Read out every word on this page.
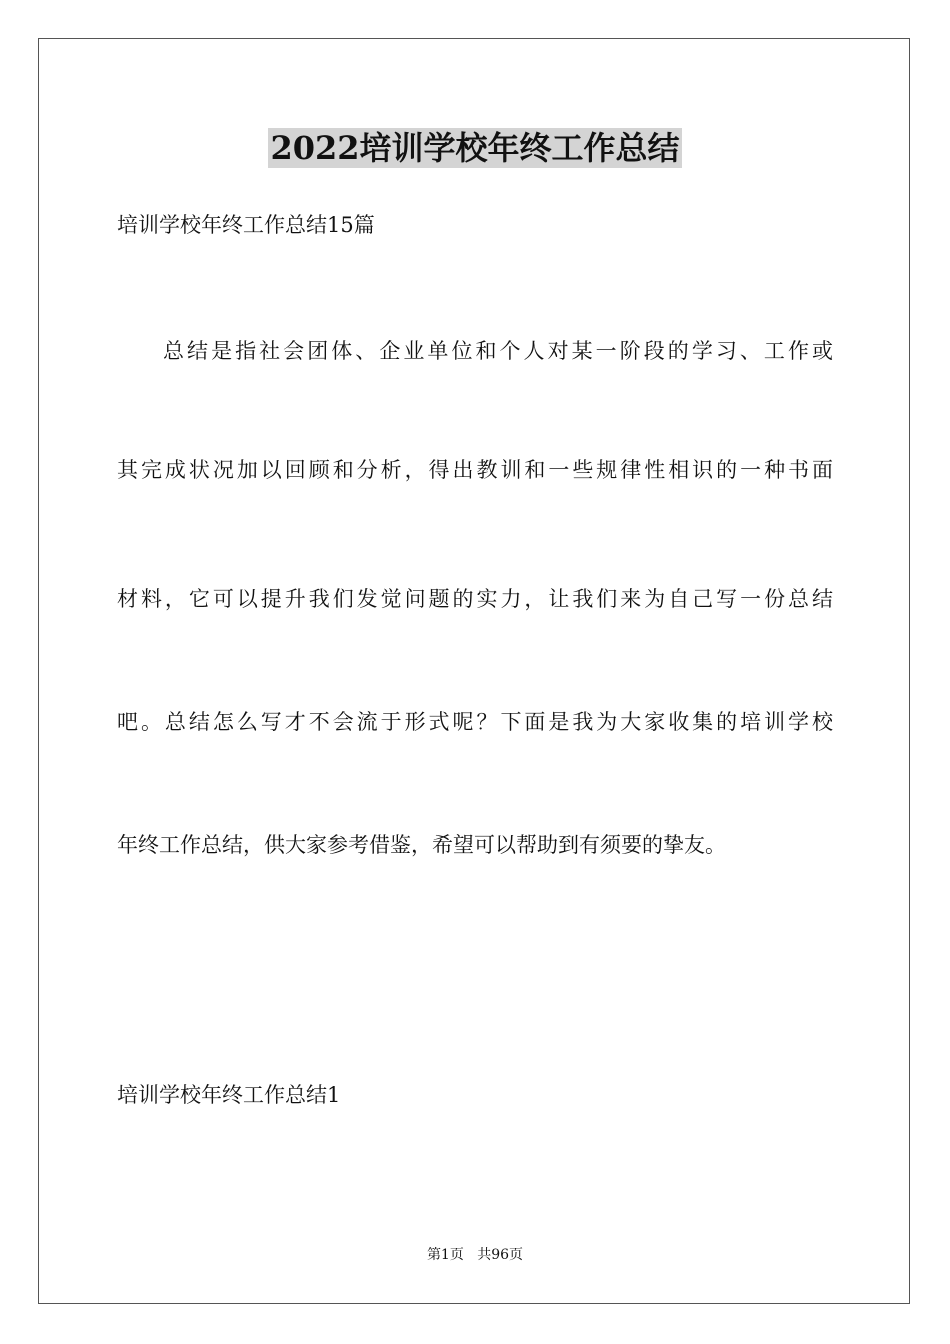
2022培训学校年终工作总结
培训学校年终工作总结15篇
总结是指社会团体、企业单位和个人对某一阶段的学习、工作或
其完成状况加以回顾和分析，得出教训和一些规律性相识的一种书面
材料，它可以提升我们发觉问题的实力，让我们来为自己写一份总结
吧。总结怎么写才不会流于形式呢？下面是我为大家收集的培训学校
年终工作总结，供大家参考借鉴，希望可以帮助到有须要的挚友。
培训学校年终工作总结1
第1页 共96页
